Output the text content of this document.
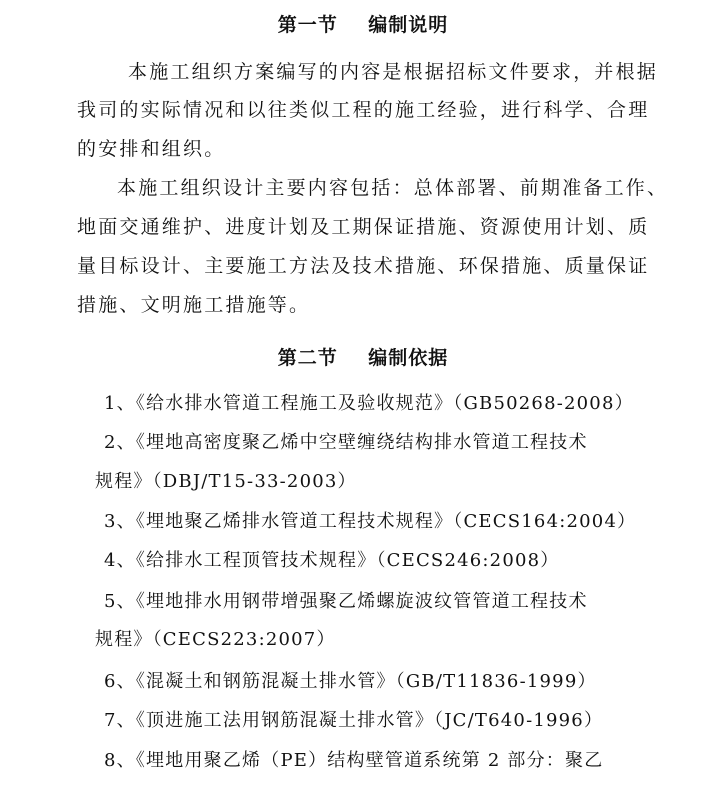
第一节    编制说明
本施工组织方案编写的内容是根据招标文件要求，并根据
我司的实际情况和以往类似工程的施工经验，进行科学、合理
的安排和组织。
本施工组织设计主要内容包括：总体部署、前期准备工作、
地面交通维护、进度计划及工期保证措施、资源使用计划、质
量目标设计、主要施工方法及技术措施、环保措施、质量保证
措施、文明施工措施等。
第二节    编制依据
1、《给水排水管道工程施工及验收规范》（GB50268-2008）
2、《埋地高密度聚乙烯中空壁缠绕结构排水管道工程技术
规程》（DBJ/T15-33-2003）
3、《埋地聚乙烯排水管道工程技术规程》（CECS164:2004）
4、《给排水工程顶管技术规程》（CECS246:2008）
5、《埋地排水用钢带增强聚乙烯螺旋波纹管管道工程技术
规程》（CECS223:2007）
6、《混凝土和钢筋混凝土排水管》（GB/T11836-1999）
7、《顶进施工法用钢筋混凝土排水管》（JC/T640-1996）
8、《埋地用聚乙烯（PE）结构壁管道系统第 2 部分：聚乙
